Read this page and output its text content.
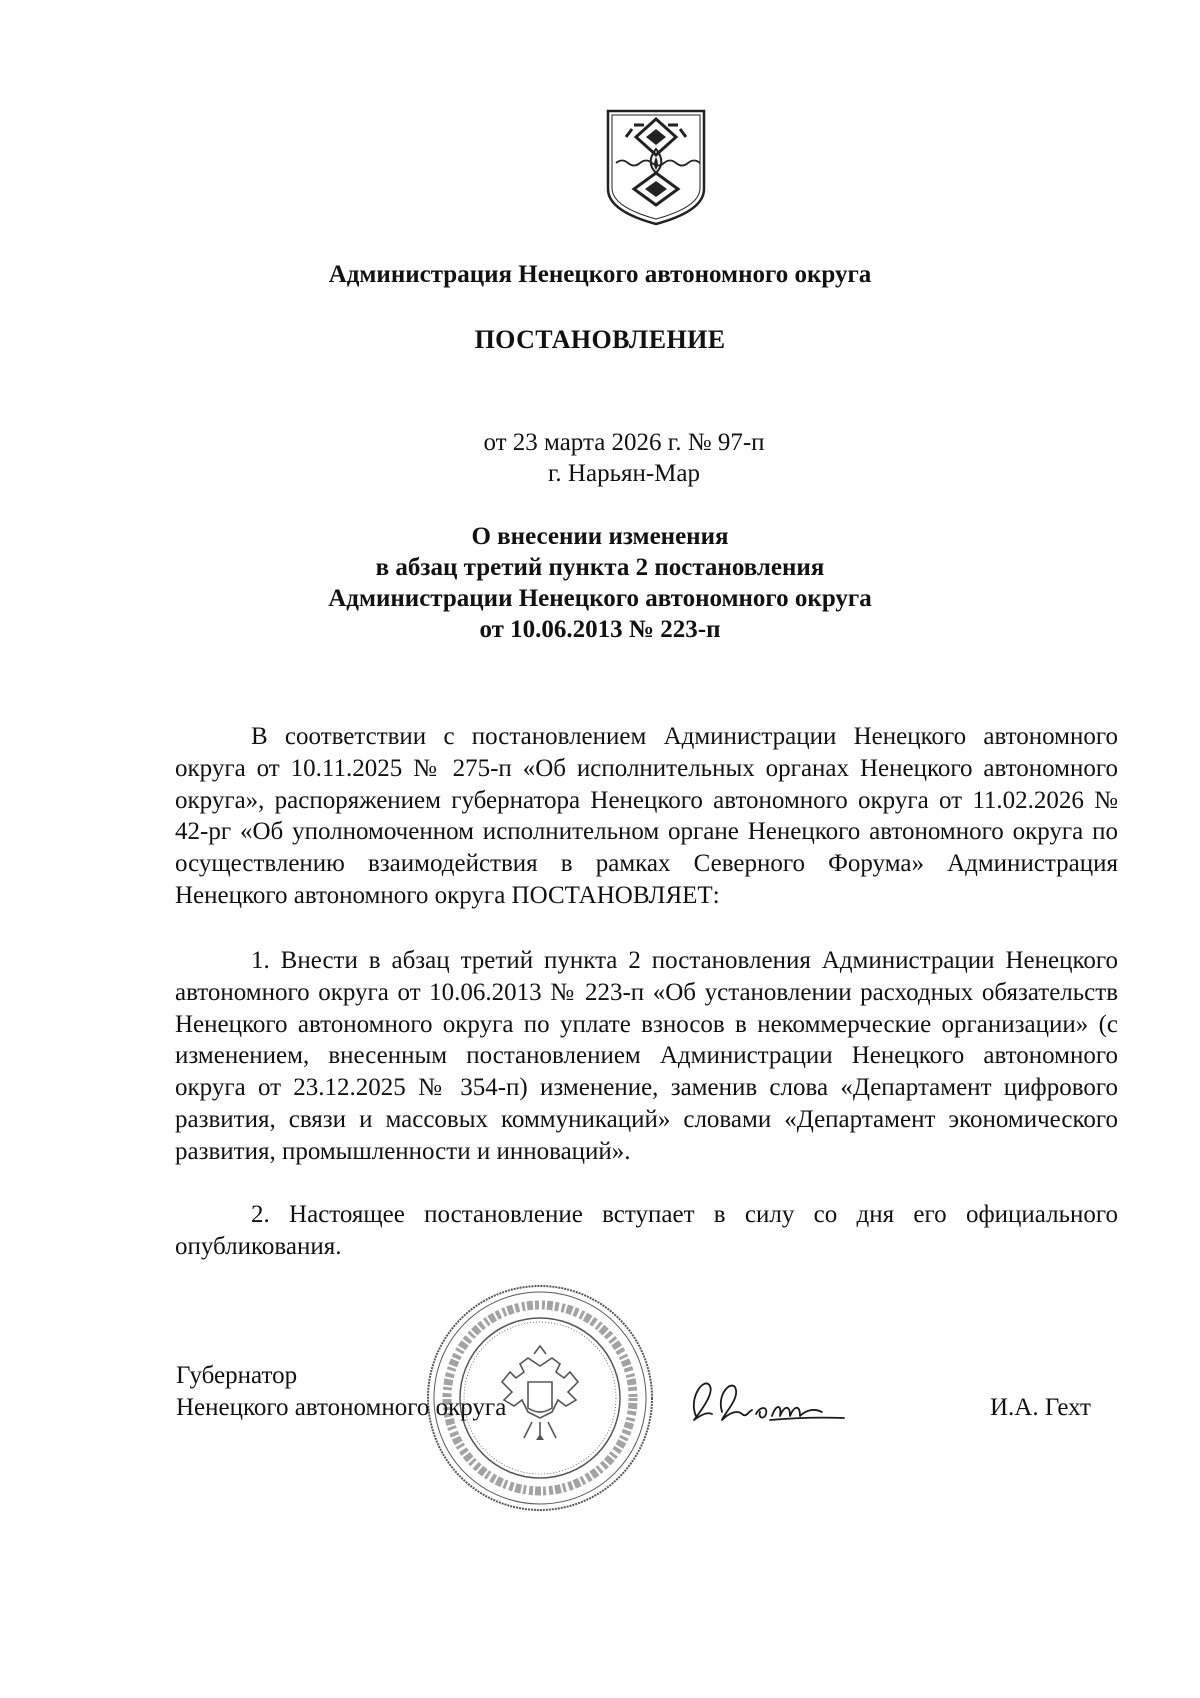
Администрация Ненецкого автономного округа
ПОСТАНОВЛЕНИЕ
от 23 марта 2026 г. № 97-п
г. Нарьян-Мар
О внесении изменения
в абзац третий пункта 2 постановления
Администрации Ненецкого автономного округа
от 10.06.2013 № 223-п

В соответствии с постановлением Администрации Ненецкого автономного округа от 10.11.2025 № 275-п «Об исполнительных органах Ненецкого автономного округа», распоряжением губернатора Ненецкого автономного округа от 11.02.2026 № 42-рг «Об уполномоченном исполнительном органе Ненецкого автономного округа по осуществлению взаимодействия в рамках Северного Форума» Администрация Ненецкого автономного округа ПОСТАНОВЛЯЕТ:

1. Внести в абзац третий пункта 2 постановления Администрации Ненецкого автономного округа от 10.06.2013 № 223-п «Об установлении расходных обязательств Ненецкого автономного округа по уплате взносов в некоммерческие организации» (с изменением, внесенным постановлением Администрации Ненецкого автономного округа от 23.12.2025 № 354-п) изменение, заменив слова «Департамент цифрового развития, связи и массовых коммуникаций» словами «Департамент экономического развития, промышленности и инноваций».

2. Настоящее постановление вступает в силу со дня его официального опубликования.

Губернатор
Ненецкого автономного округа	И.А. Гехт
